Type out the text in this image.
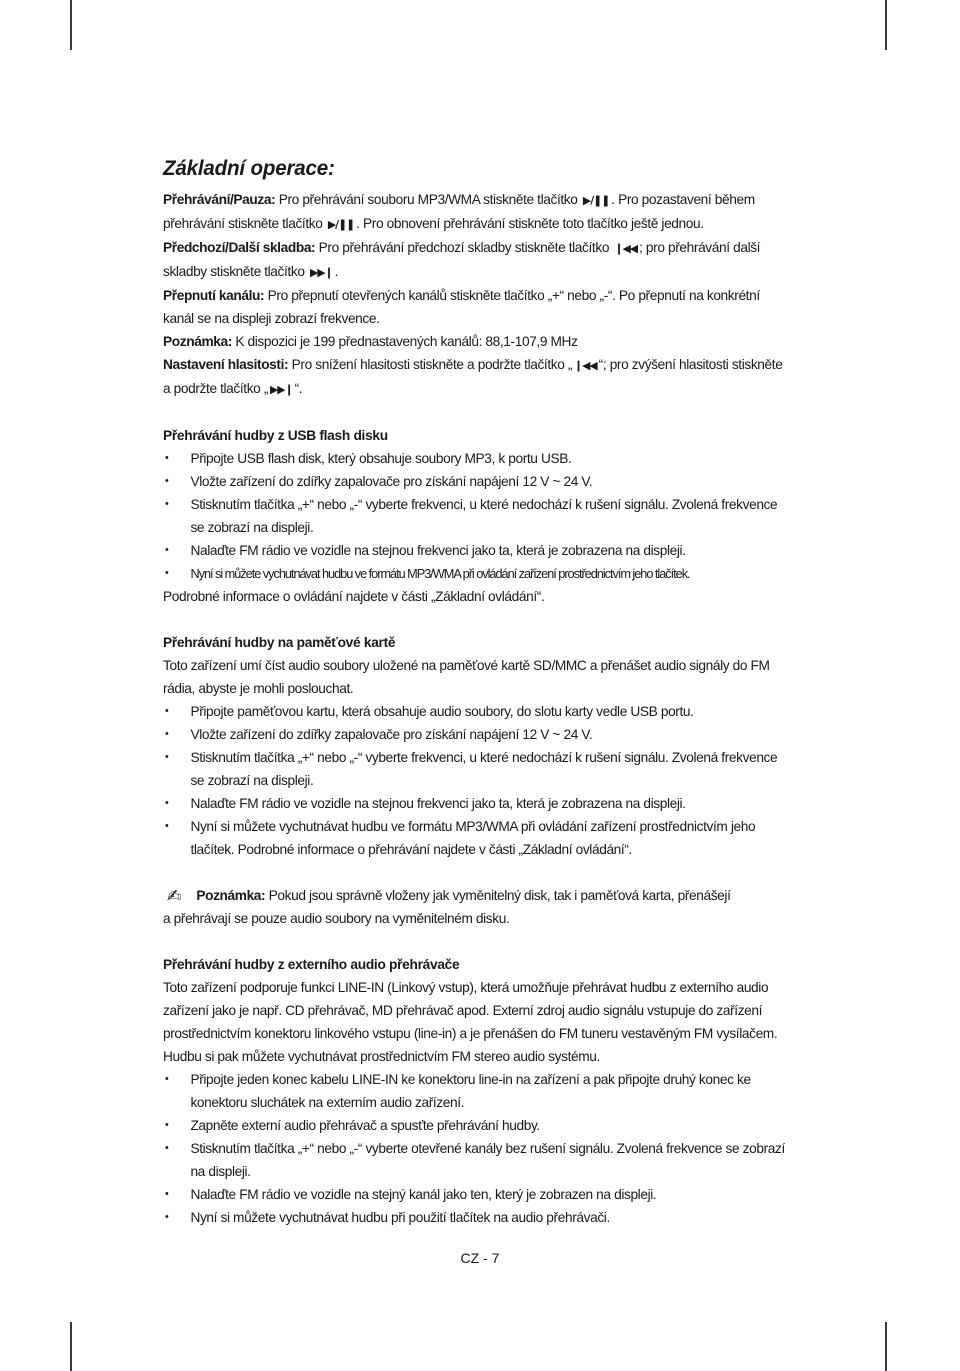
Základní operace:

Přehrávání/Pauza: Pro přehrávání souboru MP3/WMA stiskněte tlačítko ▶/❚❚ . Pro pozastavení během přehrávání stiskněte tlačítko ▶/❚❚ . Pro obnovení přehrávání stiskněte toto tlačítko ještě jednou.

Předchozí/Další skladba: Pro přehrávání předchozí skladby stiskněte tlačítko ❙◀◀ ; pro přehrávání další skladby stiskněte tlačítko ▶▶❙ .

Přepnutí kanálu: Pro přepnutí otevřených kanálů stiskněte tlačítko „+“ nebo „-“. Po přepnutí na konkrétní kanál se na displeji zobrazí frekvence.

Poznámka: K dispozici je 199 přednastavených kanálů: 88,1-107,9 MHz

Nastavení hlasitosti: Pro snížení hlasitosti stiskněte a podržte tlačítko „ ❙◀◀ “; pro zvýšení hlasitosti stiskněte a podržte tlačítko „ ▶▶❙ “.

Přehrávání hudby z USB flash disku
• Připojte USB flash disk, který obsahuje soubory MP3, k portu USB.
• Vložte zařízení do zdířky zapalovače pro získání napájení 12 V ~ 24 V.
• Stisknutím tlačítka „+“ nebo „-“ vyberte frekvenci, u které nedochází k rušení signálu. Zvolená frekvence se zobrazí na displeji.
• Nalaďte FM rádio ve vozidle na stejnou frekvenci jako ta, která je zobrazena na displeji.
• Nyní si můžete vychutnávat hudbu ve formátu MP3/WMA při ovládání zařízení prostřednictvím jeho tlačítek.

Podrobné informace o ovládání najdete v části „Základní ovládání“.

Přehrávání hudby na paměťové kartě

Toto zařízení umí číst audio soubory uložené na paměťové kartě SD/MMC a přenášet audio signály do FM rádia, abyste je mohli poslouchat.

• Připojte paměťovou kartu, která obsahuje audio soubory, do slotu karty vedle USB portu.
• Vložte zařízení do zdířky zapalovače pro získání napájení 12 V ~ 24 V.
• Stisknutím tlačítka „+“ nebo „-“ vyberte frekvenci, u které nedochází k rušení signálu. Zvolená frekvence se zobrazí na displeji.
• Nalaďte FM rádio ve vozidle na stejnou frekvenci jako ta, která je zobrazena na displeji.
• Nyní si můžete vychutnávat hudbu ve formátu MP3/WMA při ovládání zařízení prostřednictvím jeho tlačítek. Podrobné informace o přehrávání najdete v části „Základní ovládání“.
✍ Poznámka: Pokud jsou správně vloženy jak vyměnitelný disk, tak i paměťová karta, přenášejí
a přehrávají se pouze audio soubory na vyměnitelném disku.
Přehrávání hudby z externího audio přehrávače

Toto zařízení podporuje funkci LINE-IN (Linkový vstup), která umožňuje přehrávat hudbu z externího audio zařízení jako je např. CD přehrávač, MD přehrávač apod. Externí zdroj audio signálu vstupuje do zařízení prostřednictvím konektoru linkového vstupu (line-in) a je přenášen do FM tuneru vestavěným FM vysílačem. Hudbu si pak můžete vychutnávat prostřednictvím FM stereo audio systému.

• Připojte jeden konec kabelu LINE-IN ke konektoru line-in na zařízení a pak připojte druhý konec ke konektoru sluchátek na externím audio zařízení.
• Zapněte externí audio přehrávač a spusťte přehrávání hudby.
• Stisknutím tlačítka „+“ nebo „-“ vyberte otevřené kanály bez rušení signálu. Zvolená frekvence se zobrazí na displeji.
• Nalaďte FM rádio ve vozidle na stejný kanál jako ten, který je zobrazen na displeji.
• Nyní si můžete vychutnávat hudbu při použití tlačítek na audio přehrávači.
CZ - 7
